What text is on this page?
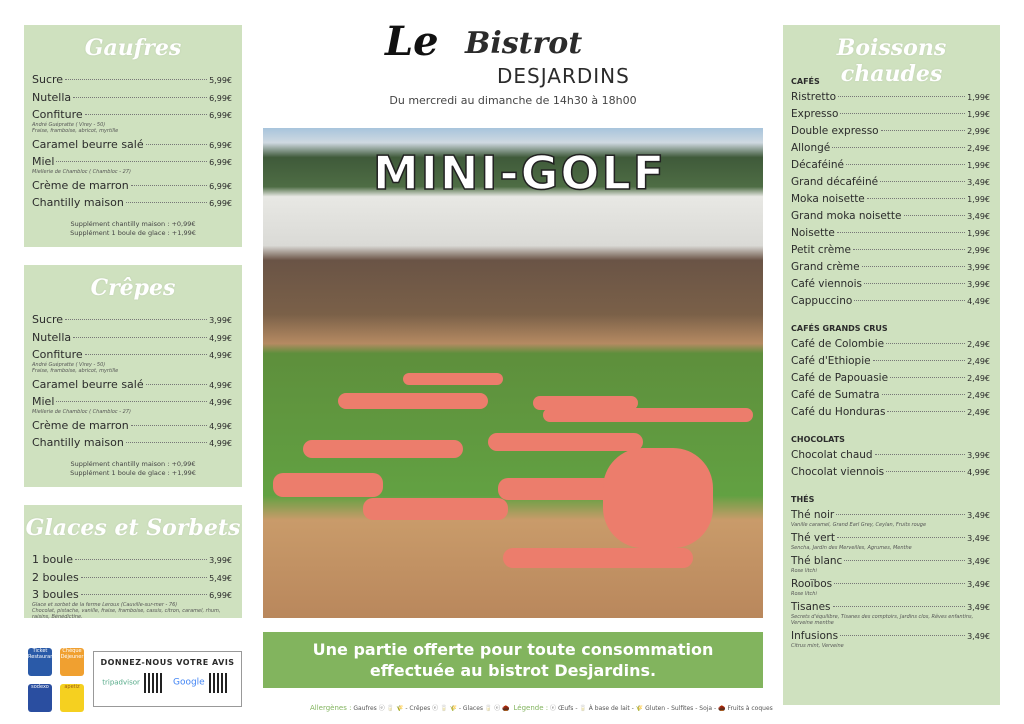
Gaufres
Sucre	5,99€
Nutella	6,99€
Confiture	6,99€
André Guépratte ( Virey - 50)
Fraise, framboise, abricot, myrtille
Caramel beurre salé	6,99€
Miel	6,99€
Miellerie de Chambloc ( Chambloc - 27)
Crème de marron	6,99€
Chantilly maison	6,99€
Supplément chantilly maison : +0,99€
Supplément 1 boule de glace : +1,99€
Crêpes
Sucre	3,99€
Nutella	4,99€
Confiture	4,99€
André Guépratte ( Virey - 50)
Fraise, framboise, abricot, myrtille
Caramel beurre salé	4,99€
Miel	4,99€
Miellerie de Chambloc ( Chambloc - 27)
Crème de marron	4,99€
Chantilly maison	4,99€
Supplément chantilly maison : +0,99€
Supplément 1 boule de glace : +1,99€
Glaces et Sorbets
1 boule	3,99€
2 boules	5,49€
3 boules	6,99€
Glace et sorbet de la ferme Leroux (Cauville-sur-mer - 76)
Chocolat, pistache, vanille, fraise, framboise, cassis, citron, caramel, rhum, raisins, Bénédictine.
Ticket Restaurant
Chèque Déjeuner
sodexo	apetiz
DONNEZ-NOUS VOTRE AVIS
tripadvisor	Google
Le Bistrot
DESJARDINS
Du mercredi au dimanche de 14h30 à 18h00
MINI-GOLF
Une partie offerte pour toute consommation
effectuée au bistrot Desjardins.
Allergènes : Gaufres ⓔ 🥛 🌾 - Crêpes ⓔ 🥛 🌾 - Glaces 🥛 ⓔ 🌰 Légende : ⓔ Œufs - 🥛 À base de lait - 🌾 Gluten - Sulfites - Soja - 🌰 Fruits à coques
Boissons chaudes
CAFÉS
Ristretto	1,99€
Expresso	1,99€
Double expresso	2,99€
Allongé	2,49€
Décaféiné	1,99€
Grand décaféiné	3,49€
Moka noisette	1,99€
Grand moka noisette	3,49€
Noisette	1,99€
Petit crème	2,99€
Grand crème	3,99€
Café viennois	3,99€
Cappuccino	4,49€
CAFÉS GRANDS CRUS
Café de Colombie	2,49€
Café d'Ethiopie	2,49€
Café de Papouasie	2,49€
Café de Sumatra	2,49€
Café du Honduras	2,49€
CHOCOLATS
Chocolat chaud	3,99€
Chocolat viennois	4,99€
THÉS
Thé noir	3,49€
Vanille caramel, Grand Earl Grey, Ceylan, Fruits rouge
Thé vert	3,49€
Sencha, Jardin des Merveilles, Agrumes, Menthe
Thé blanc	3,49€
Rose litchi
Rooïbos	3,49€
Rose litchi
Tisanes	3,49€
Secrets d'équilibre, Tisanes des comptoirs, Jardins clos, Rêves enfantins, Verveine menthe
Infusions	3,49€
Citrus mint, Verveine
